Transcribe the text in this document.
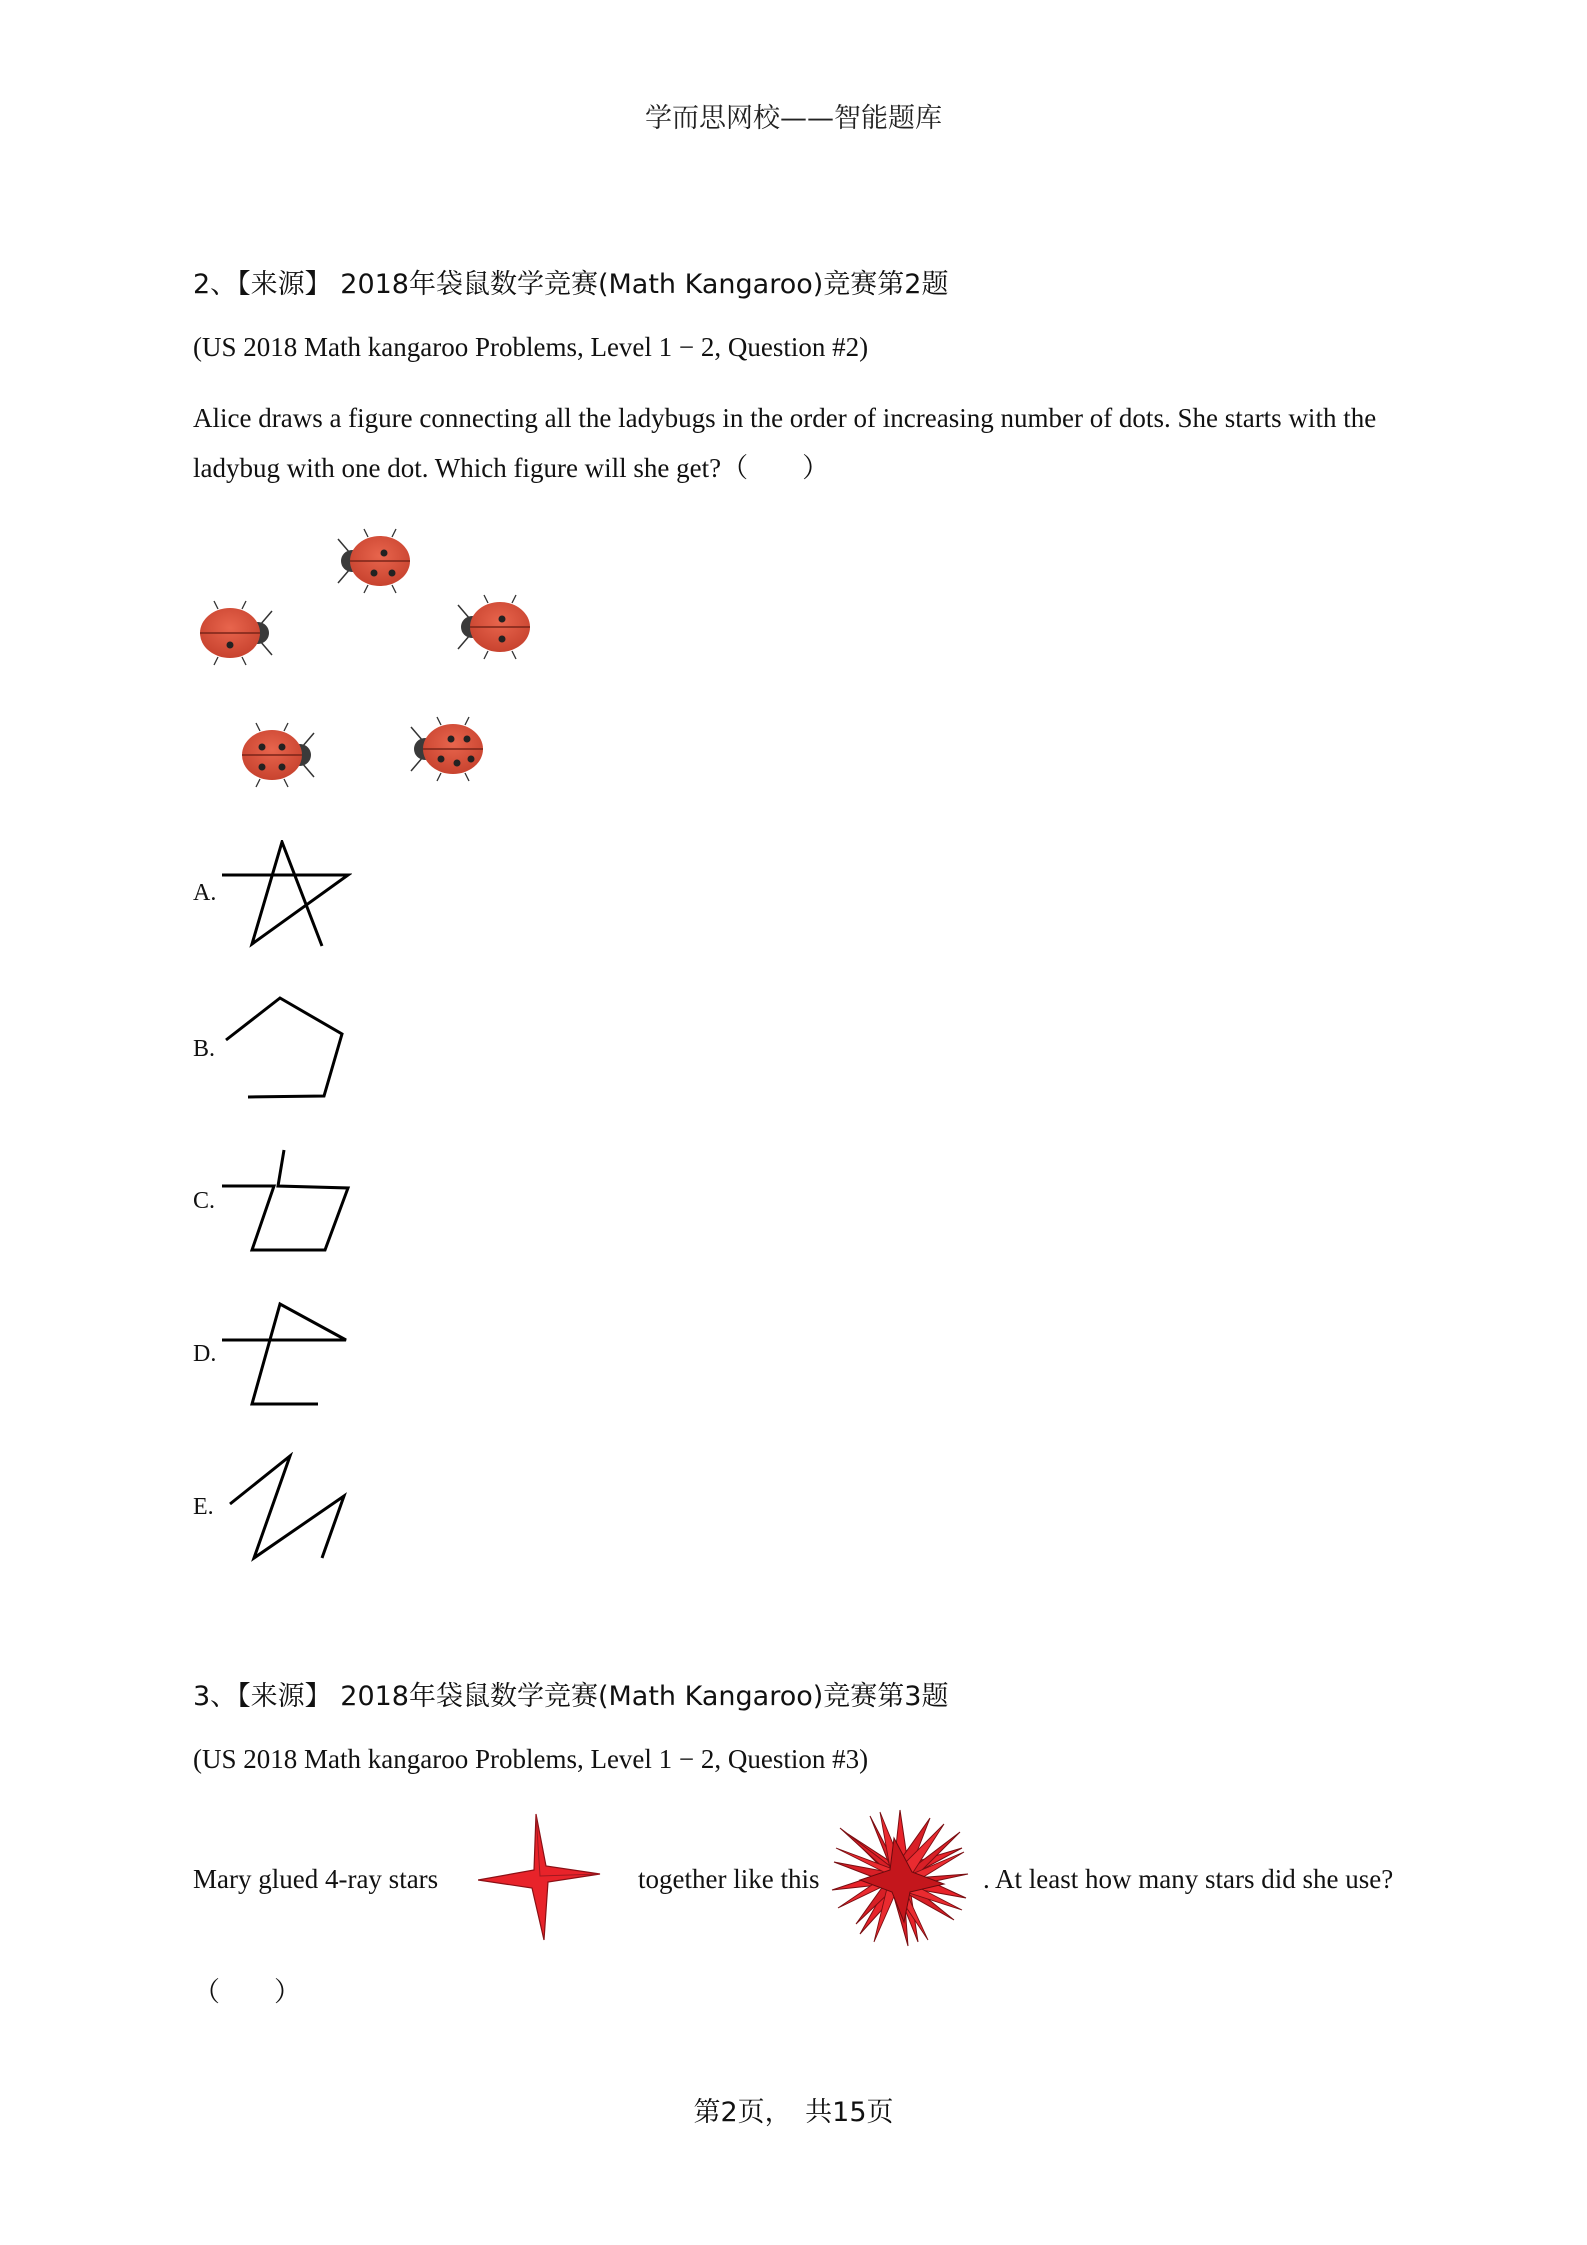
学而思网校——智能题库
2、【来源】 2018年袋鼠数学竞赛(Math Kangaroo)竞赛第2题
(US 2018 Math kangaroo Problems, Level 1 − 2, Question #2)
Alice draws a figure connecting all the ladybugs in the order of increasing number of dots. She starts with the ladybug with one dot. Which figure will she get?（　　）
A.
B.
C.
D.
E.
3、【来源】 2018年袋鼠数学竞赛(Math Kangaroo)竞赛第3题
(US 2018 Math kangaroo Problems, Level 1 − 2, Question #3)
Mary glued 4-ray stars	together like this	. At least how many stars did she use?
（　　）
第2页，　共15页
